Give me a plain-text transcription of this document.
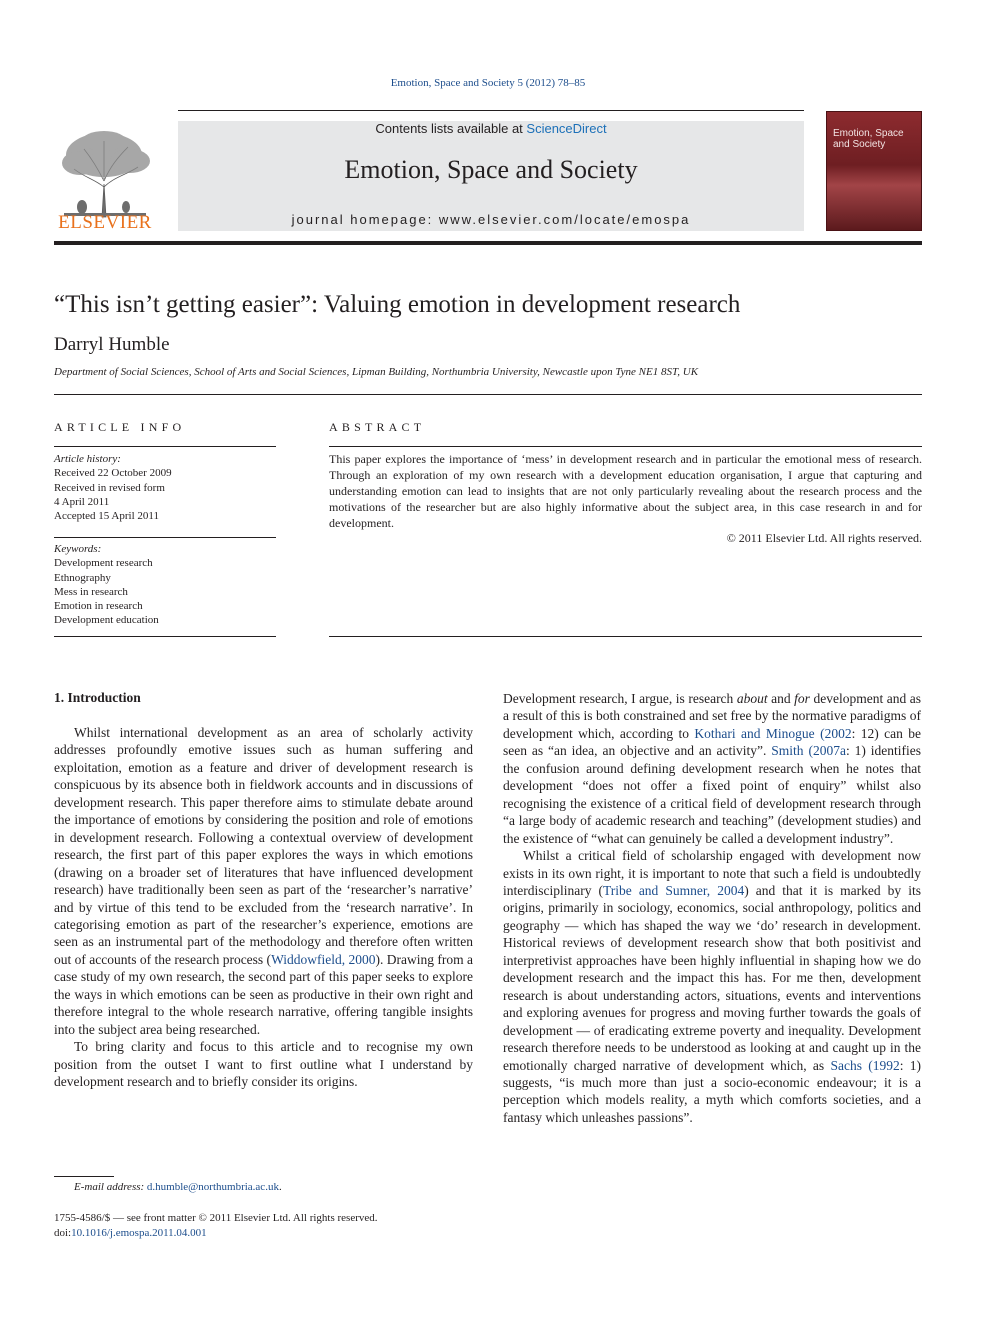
Emotion, Space and Society 5 (2012) 78–85
ELSEVIER
Contents lists available at ScienceDirect
Emotion, Space and Society
journal homepage: www.elsevier.com/locate/emospa
Emotion, Space and Society
“This isn’t getting easier”: Valuing emotion in development research
Darryl Humble
Department of Social Sciences, School of Arts and Social Sciences, Lipman Building, Northumbria University, Newcastle upon Tyne NE1 8ST, UK
ARTICLE INFO
Article history:
Received 22 October 2009
Received in revised form
4 April 2011
Accepted 15 April 2011
Keywords:
Development research
Ethnography
Mess in research
Emotion in research
Development education
ABSTRACT
This paper explores the importance of ‘mess’ in development research and in particular the emotional mess of research. Through an exploration of my own research with a development education organisation, I argue that capturing and understanding emotion can lead to insights that are not only particularly revealing about the research process and the motivations of the researcher but are also highly informative about the subject area, in this case research in and for development.
© 2011 Elsevier Ltd. All rights reserved.
1. Introduction

Whilst international development as an area of scholarly activity addresses profoundly emotive issues such as human suffering and exploitation, emotion as a feature and driver of development research is conspicuous by its absence both in fieldwork accounts and in discussions of development research. This paper therefore aims to stimulate debate around the importance of emotions by considering the position and role of emotions in development research. Following a contextual overview of development research, the first part of this paper explores the ways in which emotions (drawing on a broader set of literatures that have influenced development research) have traditionally been seen as part of the ‘researcher’s narrative’ and by virtue of this tend to be excluded from the ‘research narrative’. In categorising emotion as part of the researcher’s experience, emotions are seen as an instrumental part of the methodology and therefore often written out of accounts of the research process (Widdowfield, 2000). Drawing from a case study of my own research, the second part of this paper seeks to explore the ways in which emotions can be seen as productive in their own right and therefore integral to the whole research narrative, offering tangible insights into the subject area being researched.

To bring clarity and focus to this article and to recognise my own position from the outset I want to first outline what I understand by development research and to briefly consider its origins.

Development research, I argue, is research about and for development and as a result of this is both constrained and set free by the normative paradigms of development which, according to Kothari and Minogue (2002: 12) can be seen as “an idea, an objective and an activity”. Smith (2007a: 1) identifies the confusion around defining development research when he notes that development “does not offer a fixed point of enquiry” whilst also recognising the existence of a critical field of development research through “a large body of academic research and teaching” (development studies) and the existence of “what can genuinely be called a development industry”.

Whilst a critical field of scholarship engaged with development now exists in its own right, it is important to note that such a field is undoubtedly interdisciplinary (Tribe and Sumner, 2004) and that it is marked by its origins, primarily in sociology, economics, social anthropology, politics and geography — which has shaped the way we ‘do’ research in development. Historical reviews of development research show that both positivist and interpretivist approaches have been highly influential in shaping how we do development research and the impact this has. For me then, development research is about understanding actors, situations, events and interventions and exploring avenues for progress and moving further towards the goals of development — of eradicating extreme poverty and inequality. Development research therefore needs to be understood as looking at and caught up in the emotionally charged narrative of development which, as Sachs (1992: 1) suggests, “is much more than just a socio-economic endeavour; it is a perception which models reality, a myth which comforts societies, and a fantasy which unleashes passions”.

E-mail address: d.humble@northumbria.ac.uk.
1755-4586/$ — see front matter © 2011 Elsevier Ltd. All rights reserved.
doi:10.1016/j.emospa.2011.04.001
